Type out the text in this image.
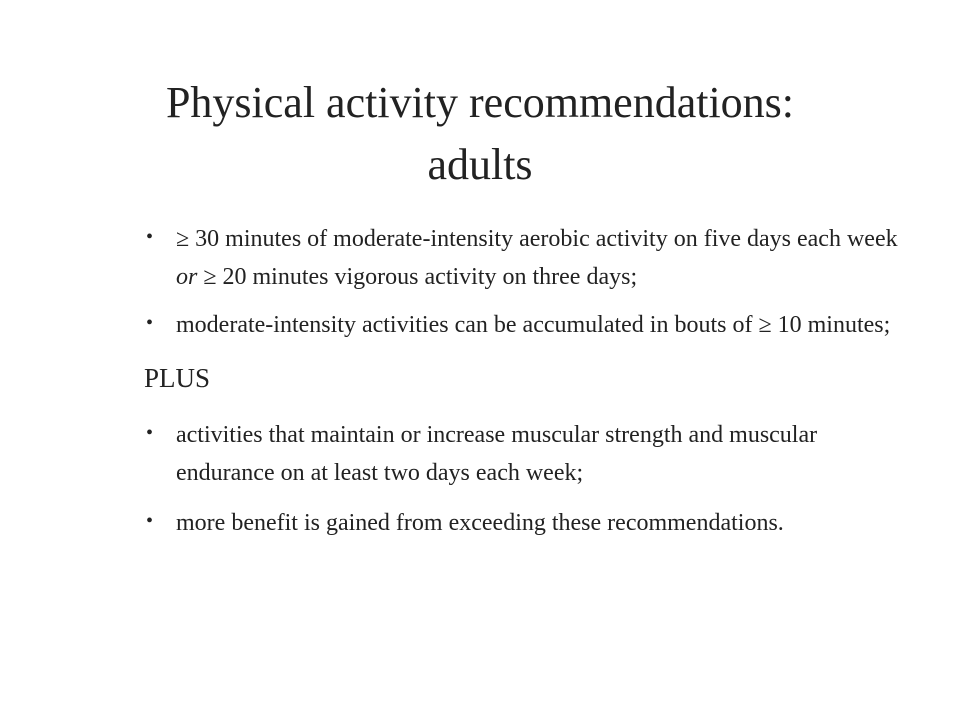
Physical activity recommendations:
adults
• ≥ 30 minutes of moderate-intensity aerobic activity on five days each week or ≥ 20 minutes vigorous activity on three days;
• moderate-intensity activities can be accumulated in bouts of ≥ 10 minutes;
PLUS
• activities that maintain or increase muscular strength and muscular endurance on at least two days each week;
• more benefit is gained from exceeding these recommendations.
